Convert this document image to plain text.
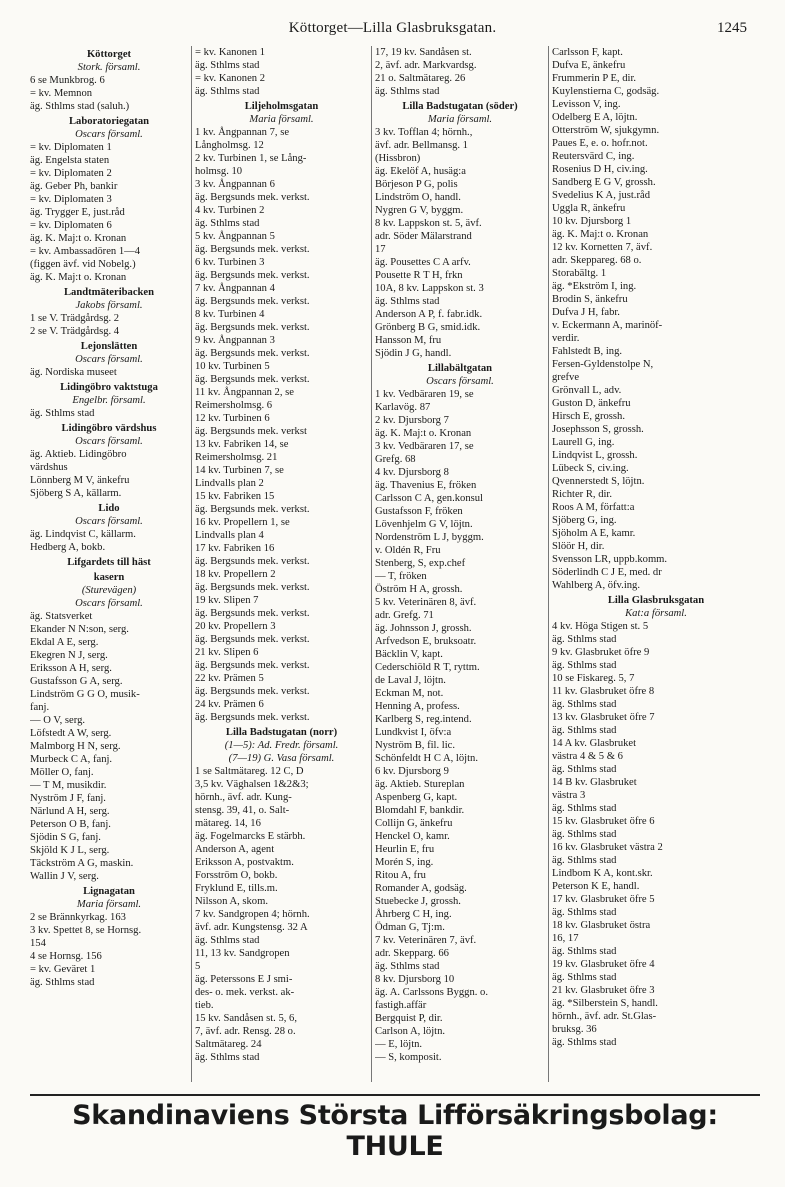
Köttorget—Lilla Glasbruksgatan.	1245
Köttorget
Stork. församl.
6 se Munkbrog. 6
= kv. Memnon
äg. Sthlms stad (saluh.)
Laboratoriegatan
Oscars församl.
= kv. Diplomaten 1
äg. Engelsta staten
= kv. Diplomaten 2
äg. Geber Ph, bankir
= kv. Diplomaten 3
äg. Trygger E, just.råd
= kv. Diplomaten 6
äg. K. Maj:t o. Kronan
= kv. Ambassadören 1—4
(figgen ävf. vid Nobelg.)
äg. K. Maj:t o. Kronan
Landtmäteribacken
Jakobs församl.
1 se V. Trädgårdsg. 2
2 se V. Trädgårdsg. 4
Lejonslätten
Oscars församl.
äg. Nordiska museet
Lidingöbro vaktstuga
Engelbr. församl.
äg. Sthlms stad
Lidingöbro värdshus
Oscars församl.
äg. Aktieb. Lidingöbro
värdshus
Lönnberg M V, änkefru
Sjöberg S A, källarm.
Lido
Oscars församl.
äg. Lindqvist C, källarm.
Hedberg A, bokb.
Lifgardets till häst
kasern
(Sturevägen)
Oscars församl.
äg. Statsverket
Ekander N N:son, serg.
Ekdal A E, serg.
Ekegren N J, serg.
Eriksson A H, serg.
Gustafsson G A, serg.
Lindström G G O, musik-
fanj.
— O V, serg.
Löfstedt A W, serg.
Malmborg H N, serg.
Murbeck C A, fanj.
Möller O, fanj.
— T M, musikdir.
Nyström J F, fanj.
Närlund A H, serg.
Peterson O B, fanj.
Sjödin S G, fanj.
Skjöld K J L, serg.
Täckström A G, maskin.
Wallin J V, serg.
Lignagatan
Maria församl.
2 se Brännkyrkag. 163
3 kv. Spettet 8, se Hornsg.
154
4 se Hornsg. 156
= kv. Geväret 1
äg. Sthlms stad
= kv. Kanonen 1
äg. Sthlms stad
= kv. Kanonen 2
äg. Sthlms stad
Liljeholmsgatan
Maria församl.
1 kv. Ångpannan 7, se
Långholmsg. 12
2 kv. Turbinen 1, se Lång-
holmsg. 10
3 kv. Ångpannan 6
äg. Bergsunds mek. verkst.
4 kv. Turbinen 2
äg. Sthlms stad
5 kv. Ångpannan 5
äg. Bergsunds mek. verkst.
6 kv. Turbinen 3
äg. Bergsunds mek. verkst.
7 kv. Ångpannan 4
äg. Bergsunds mek. verkst.
8 kv. Turbinen 4
äg. Bergsunds mek. verkst.
9 kv. Ångpannan 3
äg. Bergsunds mek. verkst.
10 kv. Turbinen 5
äg. Bergsunds mek. verkst.
11 kv. Ångpannan 2, se
Reimersholmsg. 6
12 kv. Turbinen 6
äg. Bergsunds mek. verkst
13 kv. Fabriken 14, se
Reimersholmsg. 21
14 kv. Turbinen 7, se
Lindvalls plan 2
15 kv. Fabriken 15
äg. Bergsunds mek. verkst.
16 kv. Propellern 1, se
Lindvalls plan 4
17 kv. Fabriken 16
äg. Bergsunds mek. verkst.
18 kv. Propellern 2
äg. Bergsunds mek. verkst.
19 kv. Slipen 7
äg. Bergsunds mek. verkst.
20 kv. Propellern 3
äg. Bergsunds mek. verkst.
21 kv. Slipen 6
äg. Bergsunds mek. verkst.
22 kv. Prämen 5
äg. Bergsunds mek. verkst.
24 kv. Prämen 6
äg. Bergsunds mek. verkst.
Lilla Badstugatan (norr)
(1—5): Ad. Fredr. församl.
(7—19) G. Vasa församl.
1 se Saltmätareg. 12 C, D
3,5 kv. Väghalsen 1&2&3;
hörnh., ävf. adr. Kung-
stensg. 39, 41, o. Salt-
mätareg. 14, 16
äg. Fogelmarcks E stärbh.
Anderson A, agent
Eriksson A, postvaktm.
Forsström O, bokb.
Fryklund E, tills.m.
Nilsson A, skom.
7 kv. Sandgropen 4; hörnh.
ävf. adr. Kungstensg. 32 A
äg. Sthlms stad
11, 13 kv. Sandgropen
5
äg. Peterssons E J smi-
des- o. mek. verkst. ak-
tieb.
15 kv. Sandåsen st. 5, 6,
7, ävf. adr. Rensg. 28 o.
Saltmätareg. 24
äg. Sthlms stad
17, 19 kv. Sandåsen st.
2, ävf. adr. Markvardsg.
21 o. Saltmätareg. 26
äg. Sthlms stad
Lilla Badstugatan (söder)
Maria församl.
3 kv. Tofflan 4; hörnh.,
ävf. adr. Bellmansg. 1
(Hissbron)
äg. Ekelöf A, husäg:a
Börjeson P G, polis
Lindström O, handl.
Nygren G V, byggm.
8 kv. Lappskon st. 5, ävf.
adr. Söder Mälarstrand
17
äg. Pousettes C A arfv.
Pousette R T H, frkn
10A, 8 kv. Lappskon st. 3
äg. Sthlms stad
Anderson A P, f. fabr.idk.
Grönberg B G, smid.idk.
Hansson M, fru
Sjödin J G, handl.
Lillabältgatan
Oscars församl.
1 kv. Vedbäraren 19, se
Karlavög. 87
2 kv. Djursborg 7
äg. K. Maj:t o. Kronan
3 kv. Vedbäraren 17, se
Grefg. 68
4 kv. Djursborg 8
äg. Thavenius E, fröken
Carlsson C A, gen.konsul
Gustafsson F, fröken
Lövenhjelm G V, löjtn.
Nordenström L J, byggm.
v. Oldén R, Fru
Stenberg, S, exp.chef
— T, fröken
Öström H A, grossh.
5 kv. Veterinären 8, ävf.
adr. Grefg. 71
äg. Johnsson J, grossh.
Arfvedson E, bruksoatr.
Bäcklin V, kapt.
Cederschiöld R T, ryttm.
de Laval J, löjtn.
Eckman M, not.
Henning A, profess.
Karlberg S, reg.intend.
Lundkvist I, öfv:a
Nyström B, fil. lic.
Schönfeldt H C A, löjtn.
6 kv. Djursborg 9
äg. Aktieb. Stureplan
Aspenberg G, kapt.
Blomdahl F, bankdir.
Collijn G, änkefru
Henckel O, kamr.
Heurlin E, fru
Morén S, ing.
Ritou A, fru
Romander A, godsäg.
Stuebecke J, grossh.
Åhrberg C H, ing.
Ödman G, Tj:m.
7 kv. Veterinären 7, ävf.
adr. Skepparg. 66
äg. Sthlms stad
8 kv. Djursborg 10
äg. A. Carlssons Byggn. o.
fastigh.affär
Bergquist P, dir.
Carlson A, löjtn.
— E, löjtn.
— S, komposit.
Carlsson F, kapt.
Dufva E, änkefru
Frummerin P E, dir.
Kuylenstierna C, godsäg.
Levisson V, ing.
Odelberg E A, löjtn.
Otterström W, sjukgymn.
Paues E, e. o. hofr.not.
Reutersvärd C, ing.
Rosenius D H, civ.ing.
Sandberg E G V, grossh.
Svedelius K A, just.råd
Uggla R, änkefru
10 kv. Djursborg 1
äg. K. Maj:t o. Kronan
12 kv. Kornetten 7, ävf.
adr. Skeppareg. 68 o.
Storabältg. 1
äg. *Ekström I, ing.
Brodin S, änkefru
Dufva J H, fabr.
v. Eckermann A, marinöf-
verdir.
Fahlstedt B, ing.
Fersen-Gyldenstolpe N,
grefve
Grönvall L, adv.
Guston D, änkefru
Hirsch E, grossh.
Josephsson S, grossh.
Laurell G, ing.
Lindqvist L, grossh.
Lübeck S, civ.ing.
Qvennerstedt S, löjtn.
Richter R, dir.
Roos A M, författ:a
Sjöberg G, ing.
Sjöholm A E, kamr.
Slöör H, dir.
Svensson LR, uppb.komm.
Söderlindh C J E, med. dr
Wahlberg A, öfv.ing.
Lilla Glasbruksgatan
Kat:a församl.
4 kv. Höga Stigen st. 5
äg. Sthlms stad
9 kv. Glasbruket öfre 9
äg. Sthlms stad
10 se Fiskareg. 5, 7
11 kv. Glasbruket öfre 8
äg. Sthlms stad
13 kv. Glasbruket öfre 7
äg. Sthlms stad
14 A kv. Glasbruket
västra 4 & 5 & 6
äg. Sthlms stad
14 B kv. Glasbruket
västra 3
äg. Sthlms stad
15 kv. Glasbruket öfre 6
äg. Sthlms stad
16 kv. Glasbruket västra 2
äg. Sthlms stad
Lindbom K A, kont.skr.
Peterson K E, handl.
17 kv. Glasbruket öfre 5
äg. Sthlms stad
18 kv. Glasbruket östra
16, 17
äg. Sthlms stad
19 kv. Glasbruket öfre 4
äg. Sthlms stad
21 kv. Glasbruket öfre 3
äg. *Silberstein S, handl.
hörnh., ävf. adr. St.Glas-
bruksg. 36
äg. Sthlms stad
Skandinaviens Största Lifförsäkringsbolag: THULE
